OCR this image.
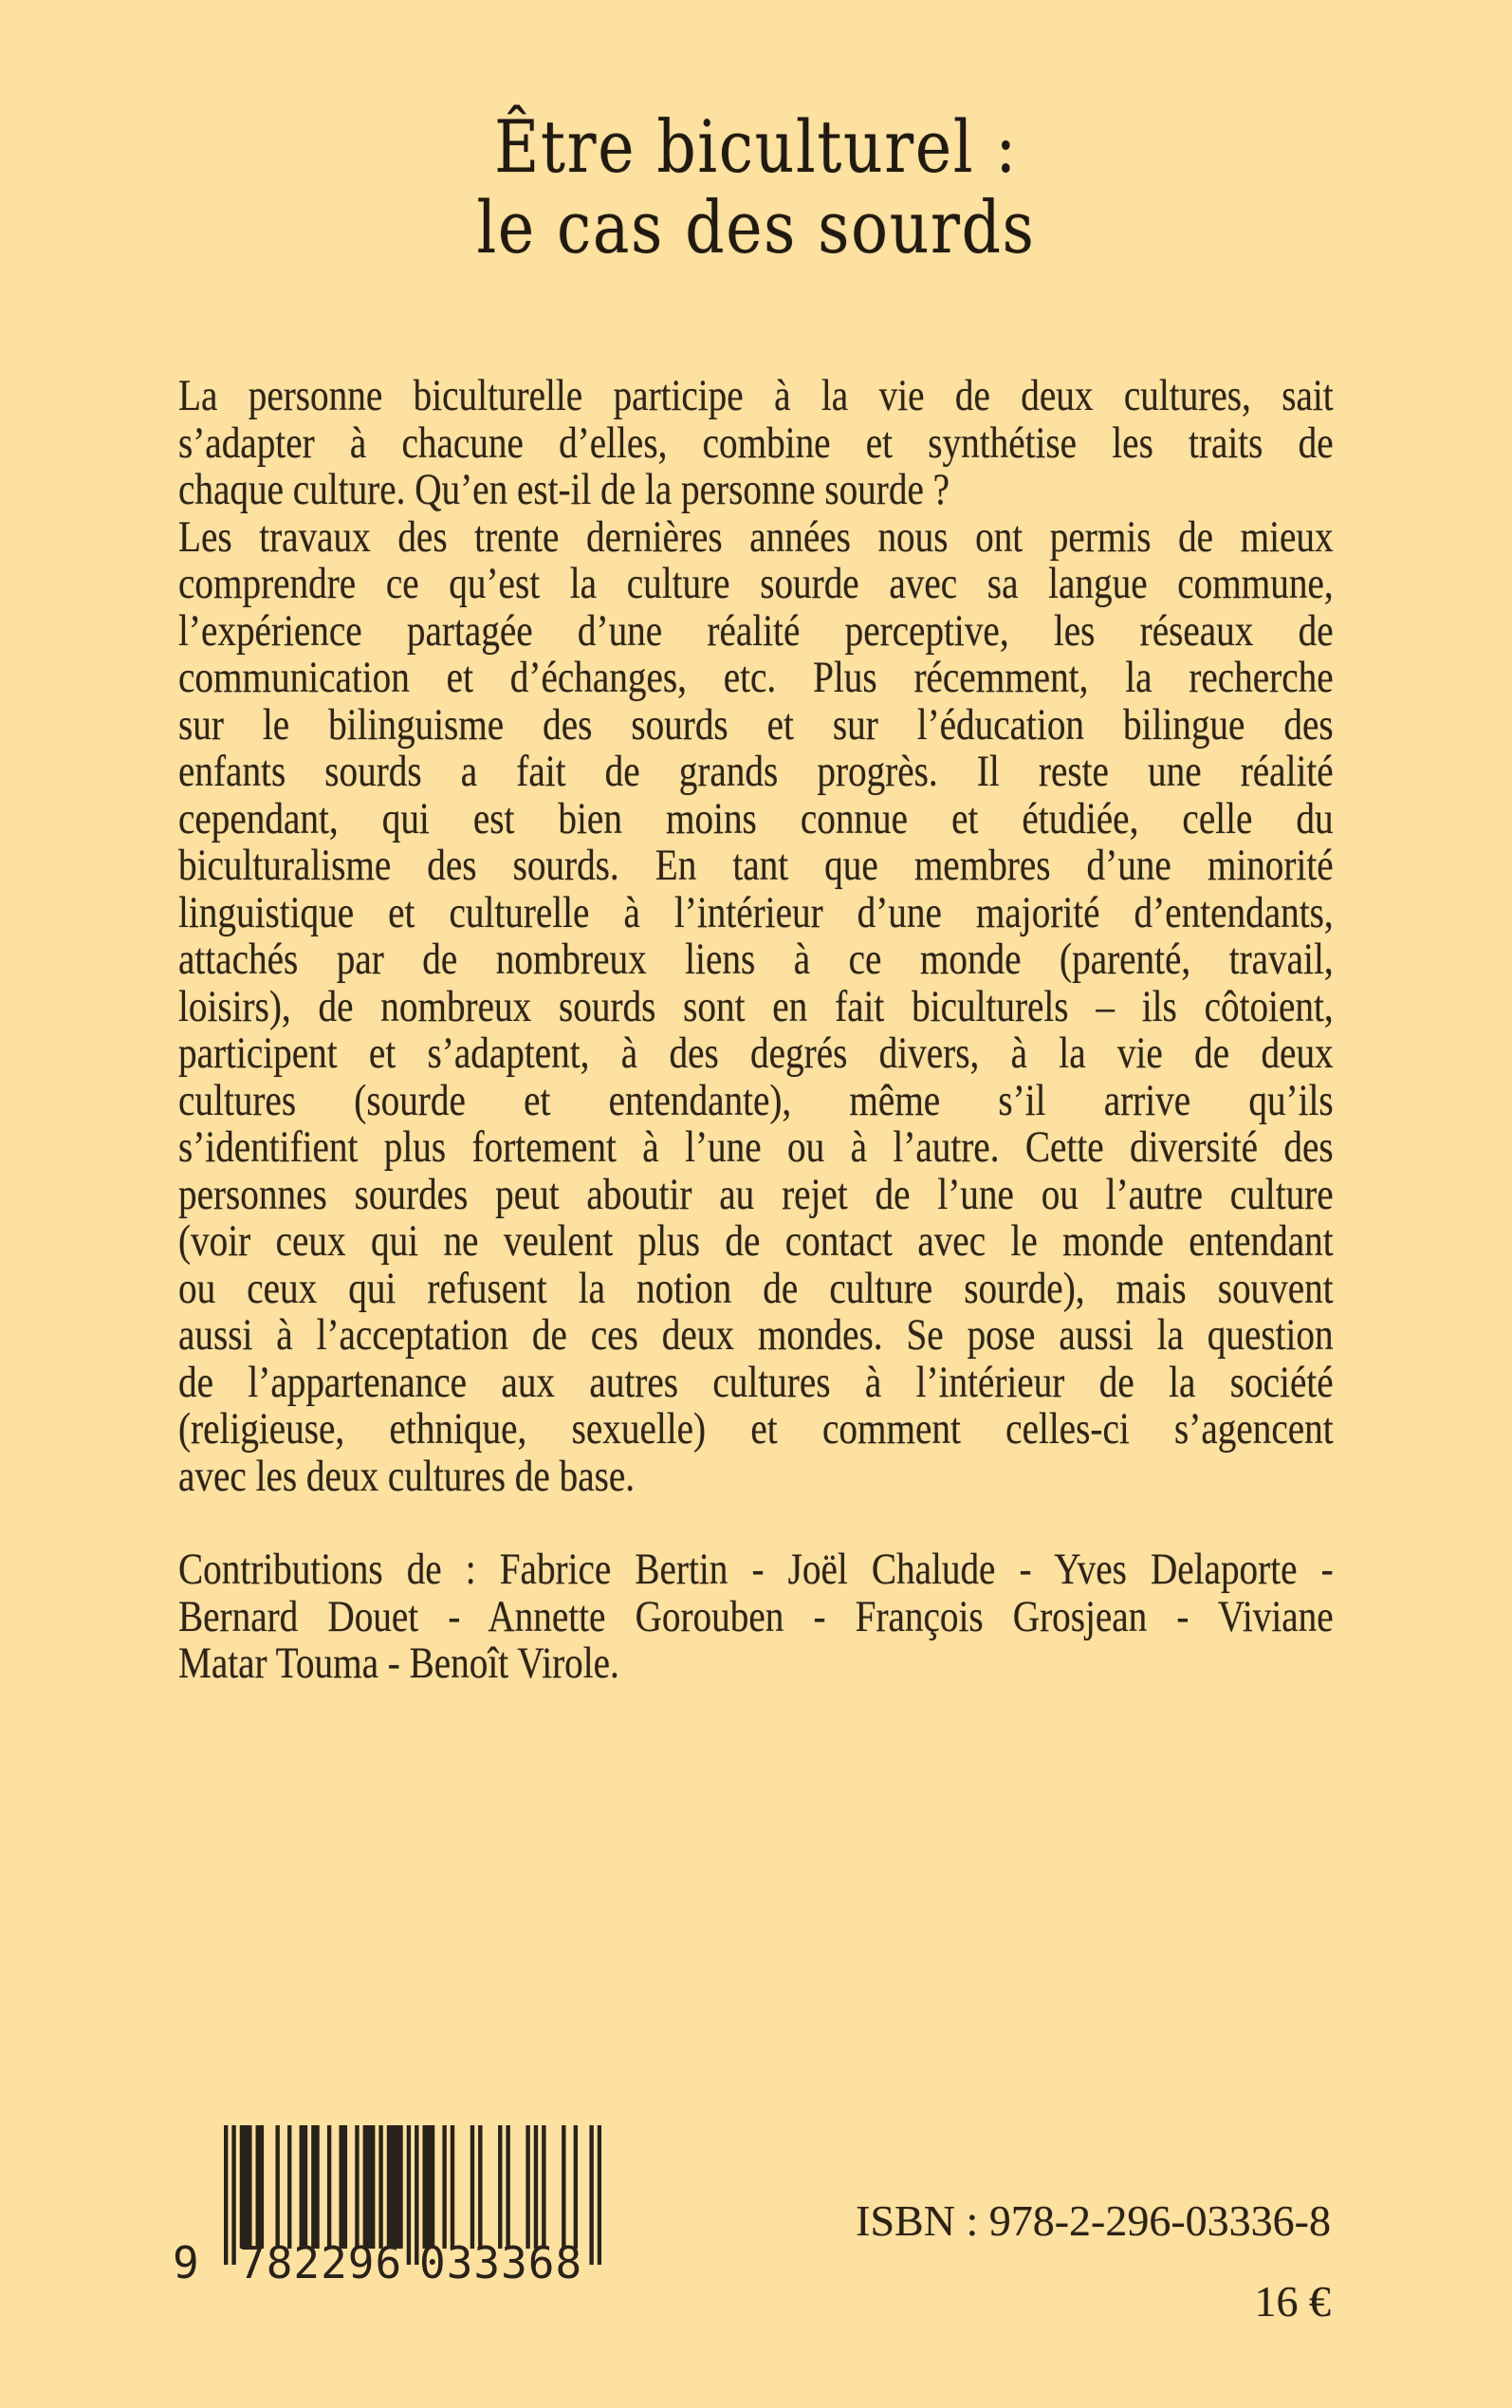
Être biculturel :
le cas des sourds
La personne biculturelle participe à la vie de deux cultures, sait
s’adapter à chacune d’elles, combine et synthétise les traits de
chaque culture. Qu’en est-il de la personne sourde ?
Les travaux des trente dernières années nous ont permis de mieux
comprendre ce qu’est la culture sourde avec sa langue commune,
l’expérience partagée d’une réalité perceptive, les réseaux de
communication et d’échanges, etc. Plus récemment, la recherche
sur le bilinguisme des sourds et sur l’éducation bilingue des
enfants sourds a fait de grands progrès. Il reste une réalité
cependant, qui est bien moins connue et étudiée, celle du
biculturalisme des sourds. En tant que membres d’une minorité
linguistique et culturelle à l’intérieur d’une majorité d’entendants,
attachés par de nombreux liens à ce monde (parenté, travail,
loisirs), de nombreux sourds sont en fait biculturels – ils côtoient,
participent et s’adaptent, à des degrés divers, à la vie de deux
cultures (sourde et entendante), même s’il arrive qu’ils
s’identifient plus fortement à l’une ou à l’autre. Cette diversité des
personnes sourdes peut aboutir au rejet de l’une ou l’autre culture
(voir ceux qui ne veulent plus de contact avec le monde entendant
ou ceux qui refusent la notion de culture sourde), mais souvent
aussi à l’acceptation de ces deux mondes. Se pose aussi la question
de l’appartenance aux autres cultures à l’intérieur de la société
(religieuse, ethnique, sexuelle) et comment celles-ci s’agencent
avec les deux cultures de base.
Contributions de : Fabrice Bertin - Joël Chalude - Yves Delaporte -
Bernard Douet - Annette Gorouben - François Grosjean - Viviane
Matar Touma - Benoît Virole.
9 782296 033368
ISBN : 978-2-296-03336-8
16 €
